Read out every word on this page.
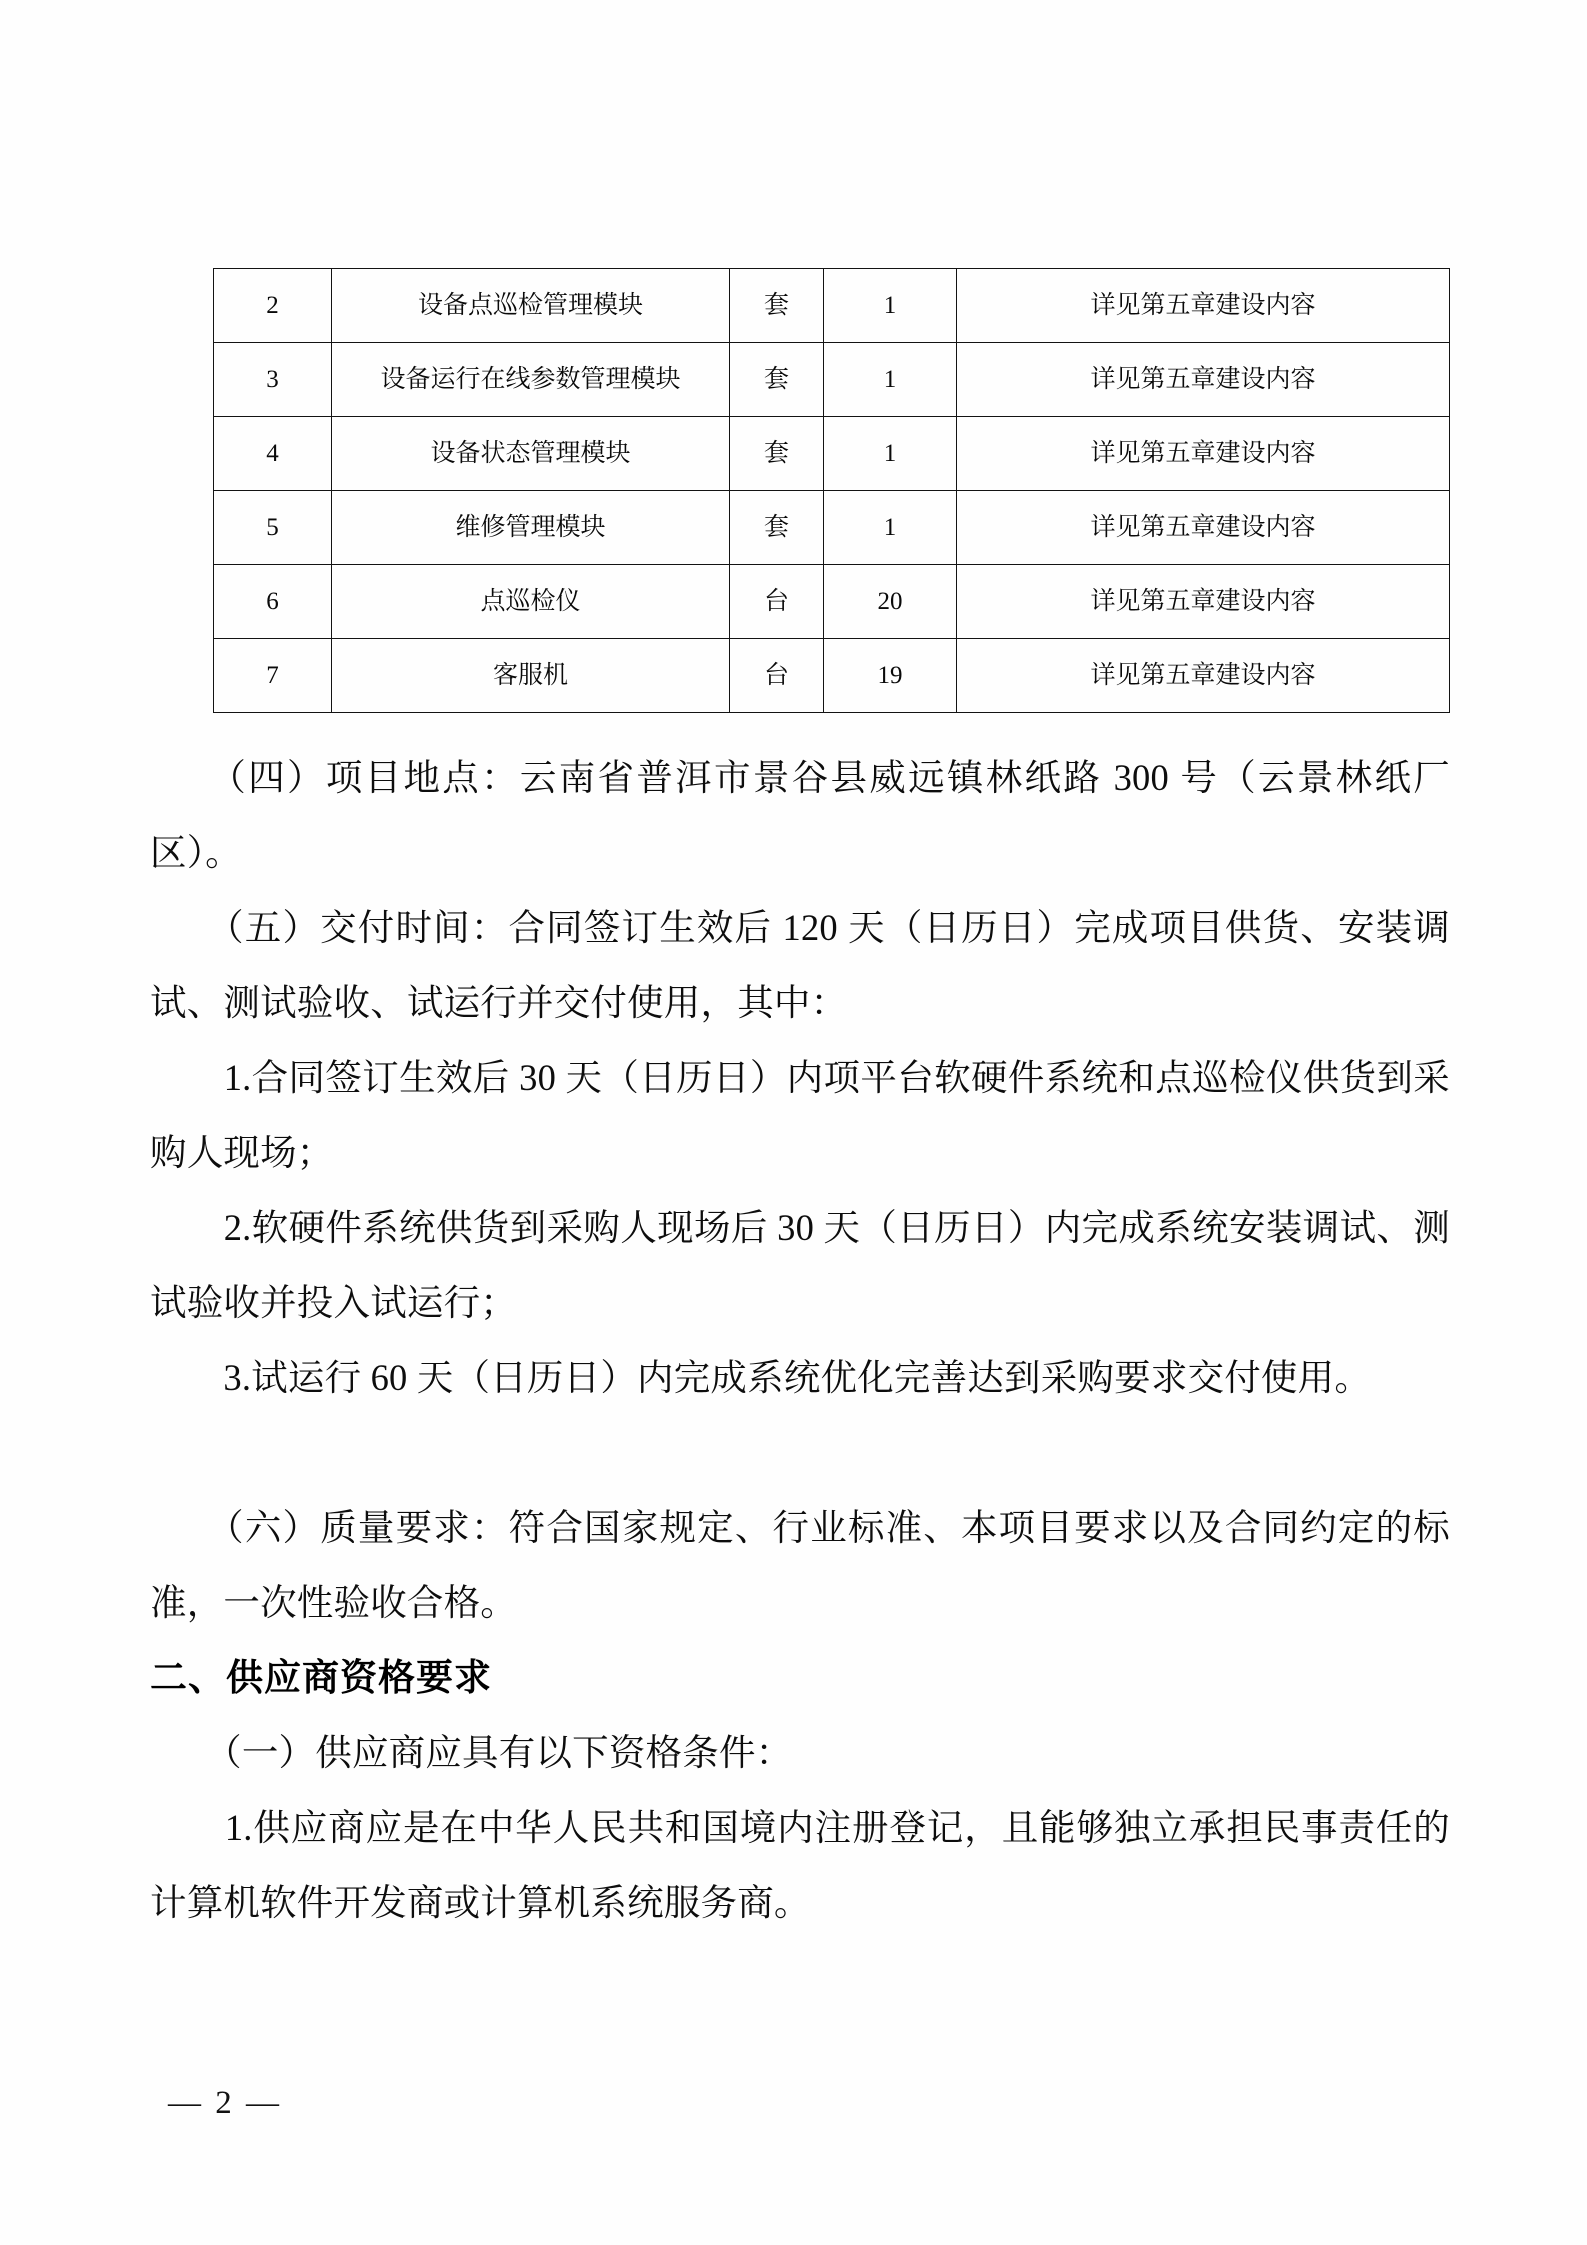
2	设备点巡检管理模块	套	1	详见第五章建设内容
3	设备运行在线参数管理模块	套	1	详见第五章建设内容
4	设备状态管理模块	套	1	详见第五章建设内容
5	维修管理模块	套	1	详见第五章建设内容
6	点巡检仪	台	20	详见第五章建设内容
7	客服机	台	19	详见第五章建设内容
　　（四）项目地点：云南省普洱市景谷县威远镇林纸路 300 号（云景林纸厂区）。
　　（五）交付时间：合同签订生效后 120 天（日历日）完成项目供货、安装调试、测试验收、试运行并交付使用，其中：
　　1.合同签订生效后 30 天（日历日）内项平台软硬件系统和点巡检仪供货到采购人现场；
　　2.软硬件系统供货到采购人现场后 30 天（日历日）内完成系统安装调试、测试验收并投入试运行；
　　3.试运行 60 天（日历日）内完成系统优化完善达到采购要求交付使用。
　　（六）质量要求：符合国家规定、行业标准、本项目要求以及合同约定的标准，一次性验收合格。
二、供应商资格要求
　　（一）供应商应具有以下资格条件：
　　1.供应商应是在中华人民共和国境内注册登记，且能够独立承担民事责任的计算机软件开发商或计算机系统服务商。
— 2 —
